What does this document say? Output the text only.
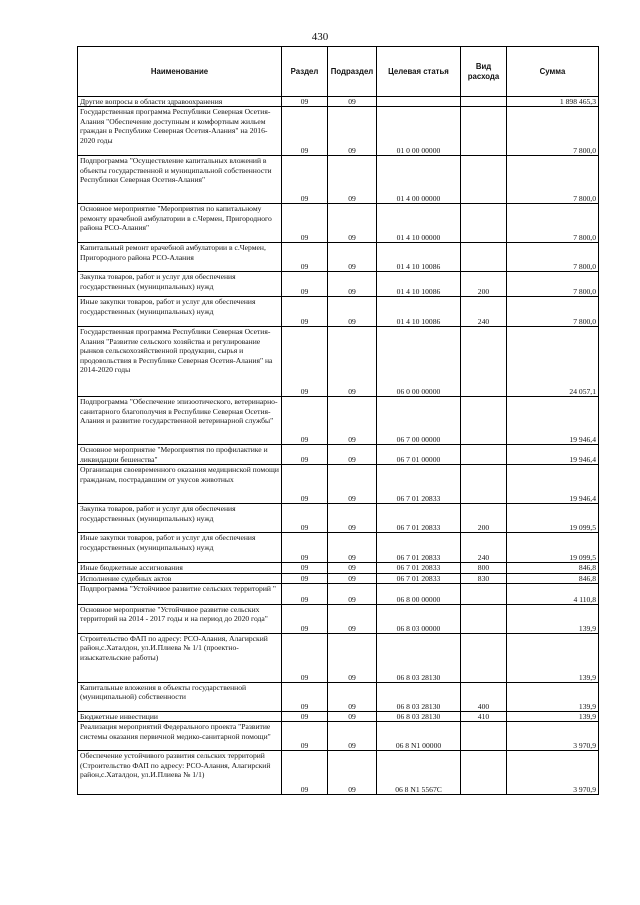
430
Наименование	Раздел	Подраздел	Целевая статья	Вид расхода	Сумма
Другие вопросы в области здравоохранения	09	09			1 898 465,3
Государственная программа Республики Северная Осетия-Алания "Обеспечение доступным и комфортным жильем граждан в Республике Северная Осетия-Алания" на 2016-2020 годы	09	09	01 0 00 00000		7 800,0
Подпрограмма "Осуществление капитальных вложений в объекты государственной и муниципальной собственности Республики Северная Осетия-Алания"	09	09	01 4 00 00000		7 800,0
Основное мероприятие "Мероприятия по капитальному ремонту врачебной амбулатории в с.Чермен, Пригородного района РСО-Алания"	09	09	01 4 10 00000		7 800,0
Капитальный ремонт врачебной амбулатории в с.Чермен, Пригородного района РСО-Алания	09	09	01 4 10 10086		7 800,0
Закупка товаров, работ и услуг для обеспечения государственных (муниципальных) нужд	09	09	01 4 10 10086	200	7 800,0
Иные закупки товаров, работ и услуг для обеспечения государственных (муниципальных) нужд	09	09	01 4 10 10086	240	7 800,0
Государственная программа Республики Северная Осетия-Алания "Развитие сельского хозяйства и регулирование рынков сельскохозяйственной продукции, сырья и продовольствия в Республике Северная Осетия-Алания" на 2014-2020 годы	09	09	06 0 00 00000		24 057,1
Подпрограмма "Обеспечение эпизоотического, ветеринарно-санитарного благополучия в Республике Северная Осетия-Алания и развитие государственной ветеринарной службы"	09	09	06 7 00 00000		19 946,4
Основное мероприятие "Мероприятия по профилактике и ликвидации бешенства"	09	09	06 7 01 00000		19 946,4
Организация своевременного оказания медицинской помощи гражданам, пострадавшим от укусов животных	09	09	06 7 01 20833		19 946,4
Закупка товаров, работ и услуг для обеспечения государственных (муниципальных) нужд	09	09	06 7 01 20833	200	19 099,5
Иные закупки товаров, работ и услуг для обеспечения государственных (муниципальных) нужд	09	09	06 7 01 20833	240	19 099,5
Иные бюджетные ассигнования	09	09	06 7 01 20833	800	846,8
Исполнение судебных актов	09	09	06 7 01 20833	830	846,8
Подпрограмма "Устойчивое развитие сельских территорий "	09	09	06 8 00 00000		4 110,8
Основное мероприятие "Устойчивое развитие сельских территорий на 2014 - 2017 годы и на период до 2020 года"	09	09	06 8 03 00000		139,9
Строительство ФАП по адресу: РСО-Алания, Алагирский район,с.Хаталдон, ул.И.Плиева № 1/1 (проектно-изыскательские работы)	09	09	06 8 03 28130		139,9
Капитальные вложения в объекты государственной (муниципальной) собственности	09	09	06 8 03 28130	400	139,9
Бюджетные инвестиции	09	09	06 8 03 28130	410	139,9
Реализация мероприятий Федерального проекта "Развитие системы оказания первичной медико-санитарной помощи"	09	09	06 8 N1 00000		3 970,9
Обеспечение устойчивого развития сельских территорий (Строительство ФАП по адресу: РСО-Алания, Алагирский район,с.Хаталдон, ул.И.Плиева № 1/1)	09	09	06 8 N1 5567C		3 970,9
